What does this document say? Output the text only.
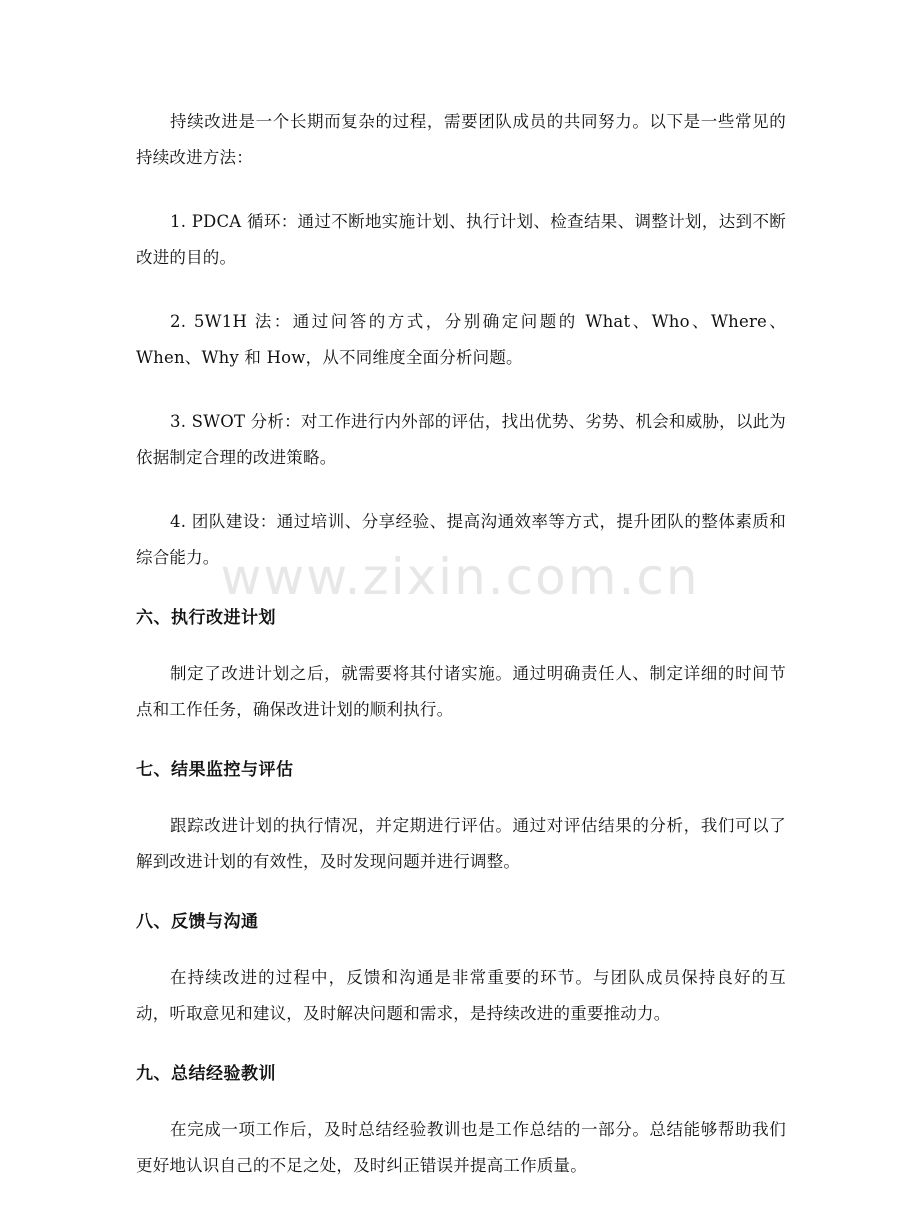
持续改进是一个长期而复杂的过程，需要团队成员的共同努力。以下是一些常见的持续改进方法：

1. PDCA 循环：通过不断地实施计划、执行计划、检查结果、调整计划，达到不断改进的目的。

2. 5W1H 法：通过问答的方式，分别确定问题的 What、Who、Where、When、Why 和 How，从不同维度全面分析问题。

3. SWOT 分析：对工作进行内外部的评估，找出优势、劣势、机会和威胁，以此为依据制定合理的改进策略。

4. 团队建设：通过培训、分享经验、提高沟通效率等方式，提升团队的整体素质和综合能力。

六、执行改进计划

制定了改进计划之后，就需要将其付诸实施。通过明确责任人、制定详细的时间节点和工作任务，确保改进计划的顺利执行。

七、结果监控与评估

跟踪改进计划的执行情况，并定期进行评估。通过对评估结果的分析，我们可以了解到改进计划的有效性，及时发现问题并进行调整。

八、反馈与沟通

在持续改进的过程中，反馈和沟通是非常重要的环节。与团队成员保持良好的互动，听取意见和建议，及时解决问题和需求，是持续改进的重要推动力。

九、总结经验教训

在完成一项工作后，及时总结经验教训也是工作总结的一部分。总结能够帮助我们更好地认识自己的不足之处，及时纠正错误并提高工作质量。

www.zixin.com.cn
